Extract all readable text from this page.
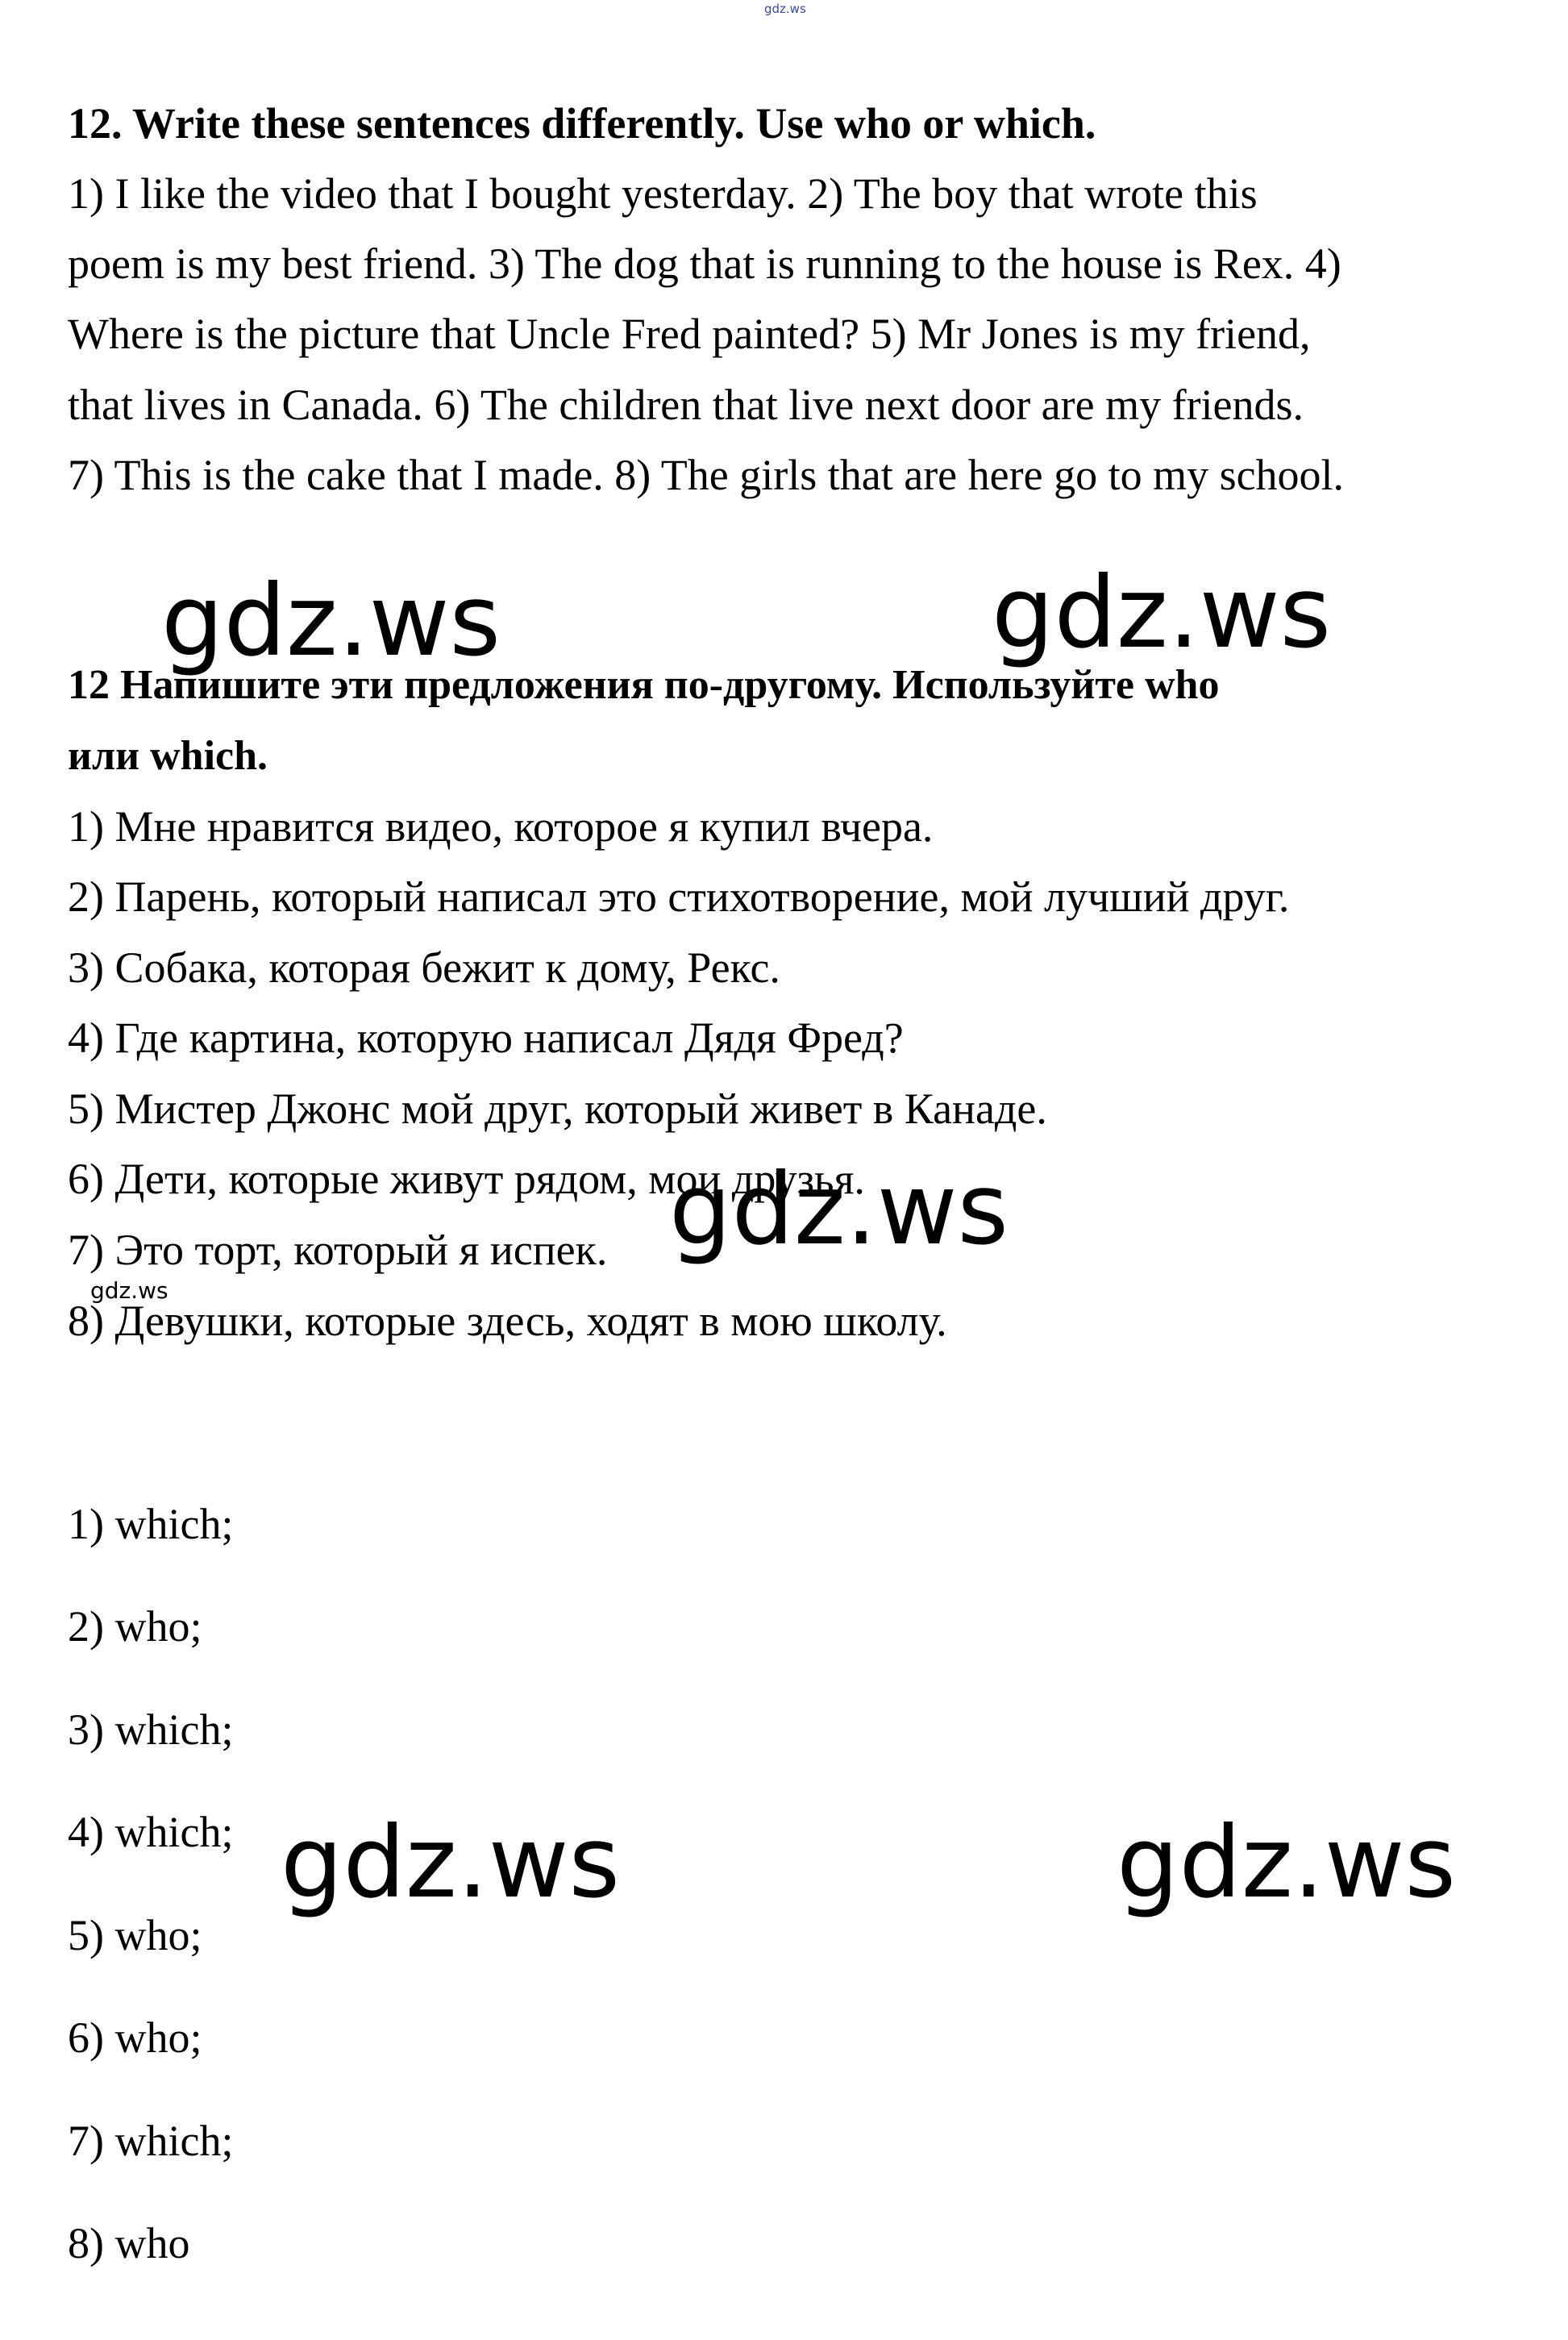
gdz.ws
12. Write these sentences differently. Use who or which.
1) I like the video that I bought yesterday. 2) The boy that wrote this
poem is my best friend. 3) The dog that is running to the house is Rex. 4)
Where is the picture that Uncle Fred painted? 5) Mr Jones is my friend,
that lives in Canada. 6) The children that live next door are my friends.
7) This is the cake that I made. 8) The girls that are here go to my school.
gdz.ws	gdz.ws
12 Напишите эти предложения по-другому. Используйте who
или which.
1) Мне нравится видео, которое я купил вчера.
2) Парень, который написал это стихотворение, мой лучший друг.
3) Собака, которая бежит к дому, Рекс.
4) Где картина, которую написал Дядя Фред?
5) Мистер Джонс мой друг, который живет в Канаде.
6) Дети, которые живут рядом, мои друзья.
7) Это торт, который я испек. gdz.ws
gdz.ws
8) Девушки, которые здесь, ходят в мою школу.
1) which;
2) who;
3) which;
4) which;
5) who;
6) who;
7) which;
8) who
gdz.ws	gdz.ws
